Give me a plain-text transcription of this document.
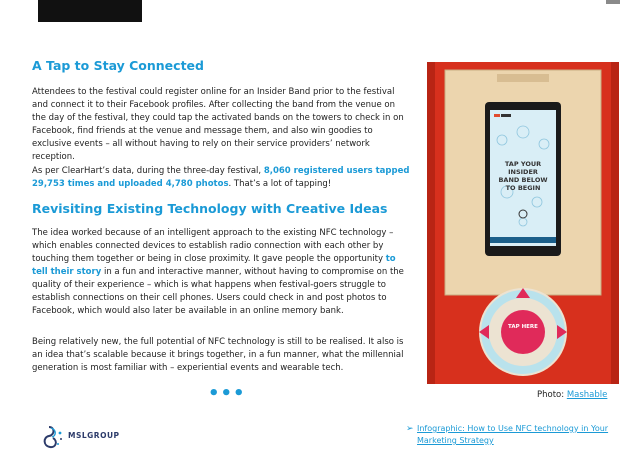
A Tap to Stay Connected
Attendees to the festival could register online for an Insider Band prior to the festival and connect it to their Facebook profiles. After collecting the band from the venue on the day of the festival, they could tap the activated bands on the towers to check in on Facebook, find friends at the venue and message them, and also win goodies to exclusive events – all without having to rely on their service providers’ network reception.
As per ClearHart’s data, during the three-day festival, 8,060 registered users tapped 29,753 times and uploaded 4,780 photos. That’s a lot of tapping!
Revisiting Existing Technology with Creative Ideas
The idea worked because of an intelligent approach to the existing NFC technology – which enables connected devices to establish radio connection with each other by touching them together or being in close proximity. It gave people the opportunity to tell their story in a fun and interactive manner, without having to compromise on the quality of their experience – which is what happens when festival-goers struggle to establish connections on their cell phones. Users could check in and post photos to Facebook, which would also later be available in an online memory bank.
Being relatively new, the full potential of NFC technology is still to be realised. It also is an idea that’s scalable because it brings together, in a fun manner, what the millennial generation is most familiar with – experiential events and wearable tech.
•••
MSLGROUP
TAP YOUR INSIDER BAND BELOW TO BEGIN
TAP HERE
Photo: Mashable
➢ Infographic: How to Use NFC technology in Your Marketing Strategy
